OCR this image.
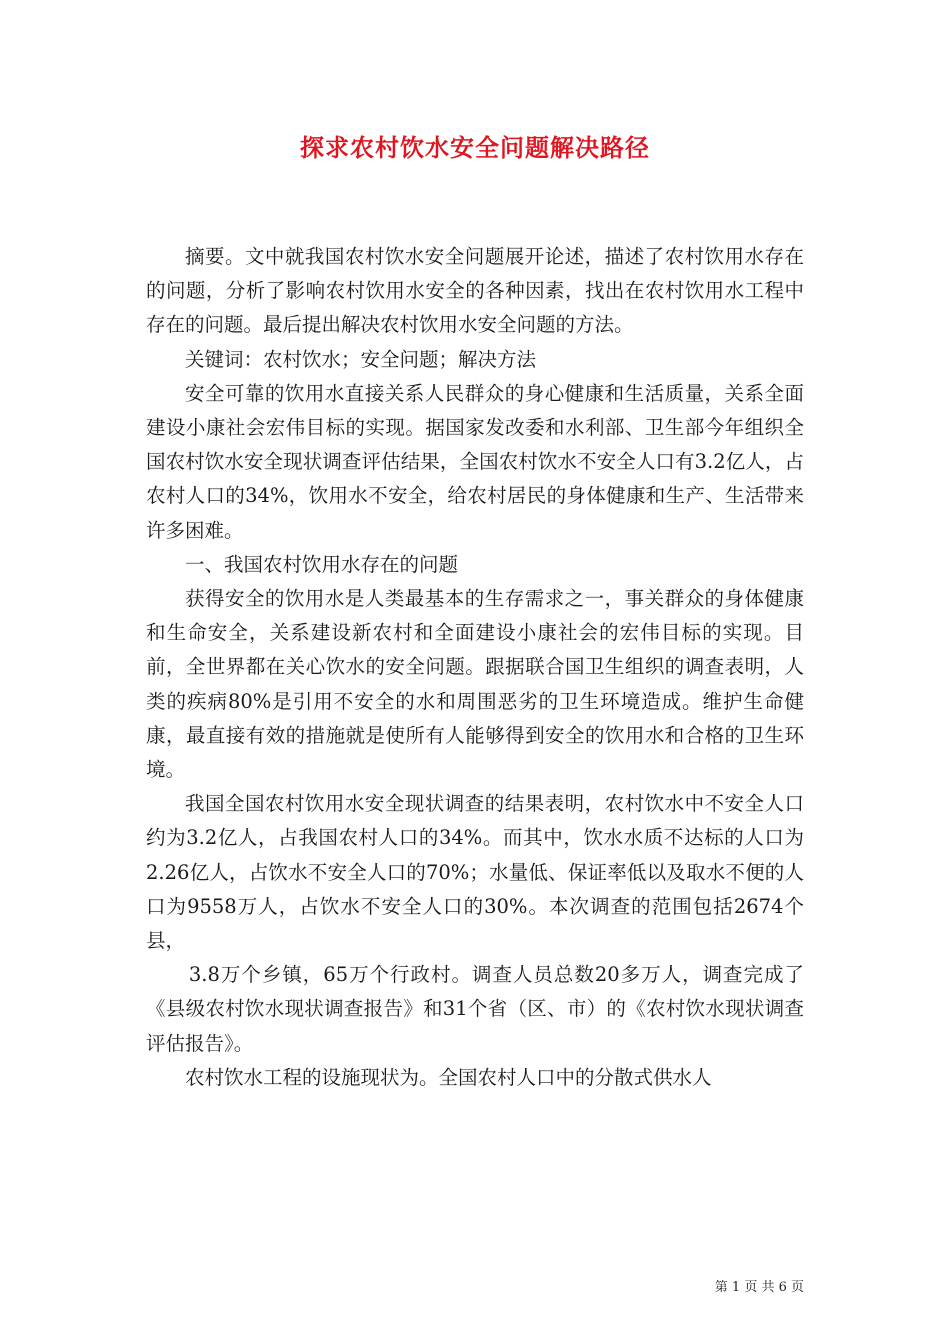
探求农村饮水安全问题解决路径

摘要。文中就我国农村饮水安全问题展开论述，描述了农村饮用水存在的问题，分析了影响农村饮用水安全的各种因素，找出在农村饮用水工程中存在的问题。最后提出解决农村饮用水安全问题的方法。

关键词：农村饮水；安全问题；解决方法

安全可靠的饮用水直接关系人民群众的身心健康和生活质量，关系全面建设小康社会宏伟目标的实现。据国家发改委和水利部、卫生部今年组织全国农村饮水安全现状调查评估结果，全国农村饮水不安全人口有3.2亿人，占农村人口的34%，饮用水不安全，给农村居民的身体健康和生产、生活带来许多困难。

一、我国农村饮用水存在的问题

获得安全的饮用水是人类最基本的生存需求之一，事关群众的身体健康和生命安全，关系建设新农村和全面建设小康社会的宏伟目标的实现。目前，全世界都在关心饮水的安全问题。跟据联合国卫生组织的调查表明，人类的疾病80%是引用不安全的水和周围恶劣的卫生环境造成。维护生命健康，最直接有效的措施就是使所有人能够得到安全的饮用水和合格的卫生环境。

我国全国农村饮用水安全现状调查的结果表明，农村饮水中不安全人口约为3.2亿人，占我国农村人口的34%。而其中，饮水水质不达标的人口为2.26亿人，占饮水不安全人口的70%；水量低、保证率低以及取水不便的人口为9558万人，占饮水不安全人口的30%。本次调查的范围包括2674个县，

3.8万个乡镇，65万个行政村。调查人员总数20多万人，调查完成了《县级农村饮水现状调查报告》和31个省（区、市）的《农村饮水现状调查评估报告》。

农村饮水工程的设施现状为。全国农村人口中的分散式供水人

第 1 页 共 6 页
